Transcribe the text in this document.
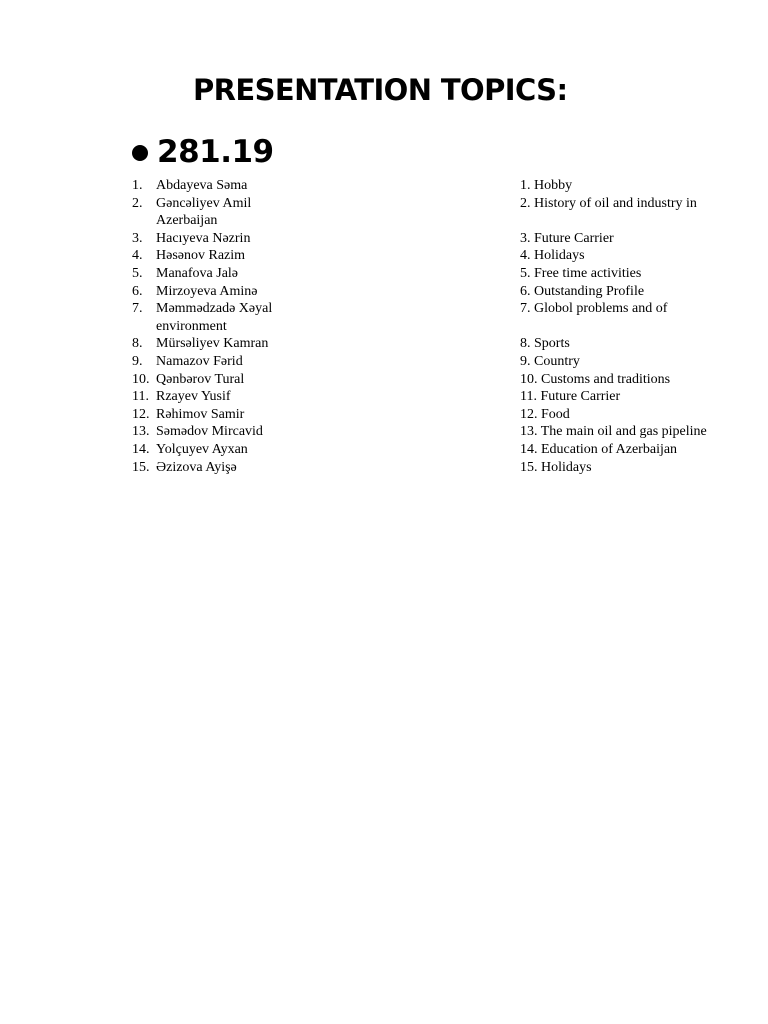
PRESENTATION TOPICS:
281.19
1. Abdayeva Səma
2. Gəncəliyev Amil Azerbaijan
3. Hacıyeva Nəzrin
4. Həsənov Razim
5. Manafova Jalə
6. Mirzoyeva Aminə
7. Məmmədzadə Xəyal environment
8. Mürsəliyev Kamran
9. Namazov Fərid
10. Qənbərov Tural
11. Rzayev Yusif
12. Rəhimov Samir
13. Səmədov Mircavid
14. Yolçuyev Ayxan
15. Əzizova Ayişə
1. Hobby
2. History of oil and industry in
3. Future Carrier
4. Holidays
5. Free time activities
6. Outstanding Profile
7. Globol problems and of
8. Sports
9. Country
10. Customs and traditions
11. Future Carrier
12. Food
13. The main oil and gas pipeline
14. Education of Azerbaijan
15. Holidays
